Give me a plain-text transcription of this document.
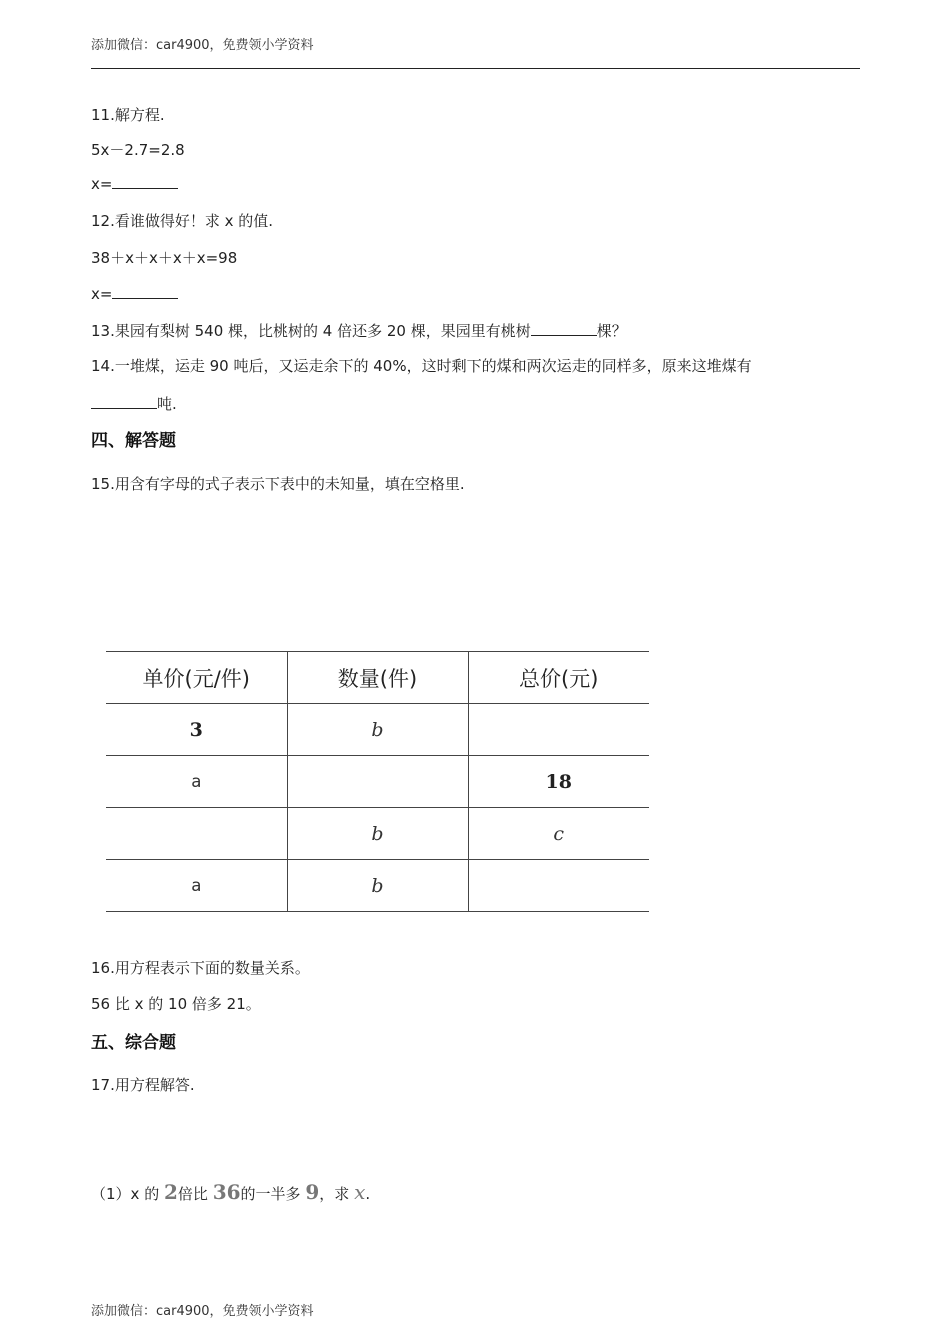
添加微信：car4900，免费领小学资料
11.解方程.
5x－2.7=2.8
x=
12.看谁做得好！求 x 的值.
38＋x＋x＋x＋x=98
x=
13.果园有梨树 540 棵，比桃树的 4 倍还多 20 棵，果园里有桃树	棵？
14.一堆煤，运走 90 吨后，又运走余下的 40%，这时剩下的煤和两次运走的同样多，原来这堆煤有
吨.
四、解答题
15.用含有字母的式子表示下表中的未知量，填在空格里.
单价(元/件)	数量(件)	总价(元)
3	b	
a		18
	b	c
a	b	
16.用方程表示下面的数量关系。
56 比 x 的 10 倍多 21。
五、综合题
17.用方程解答.
（1）x 的 2倍比 36的一半多 9，求 x.
添加微信：car4900，免费领小学资料
